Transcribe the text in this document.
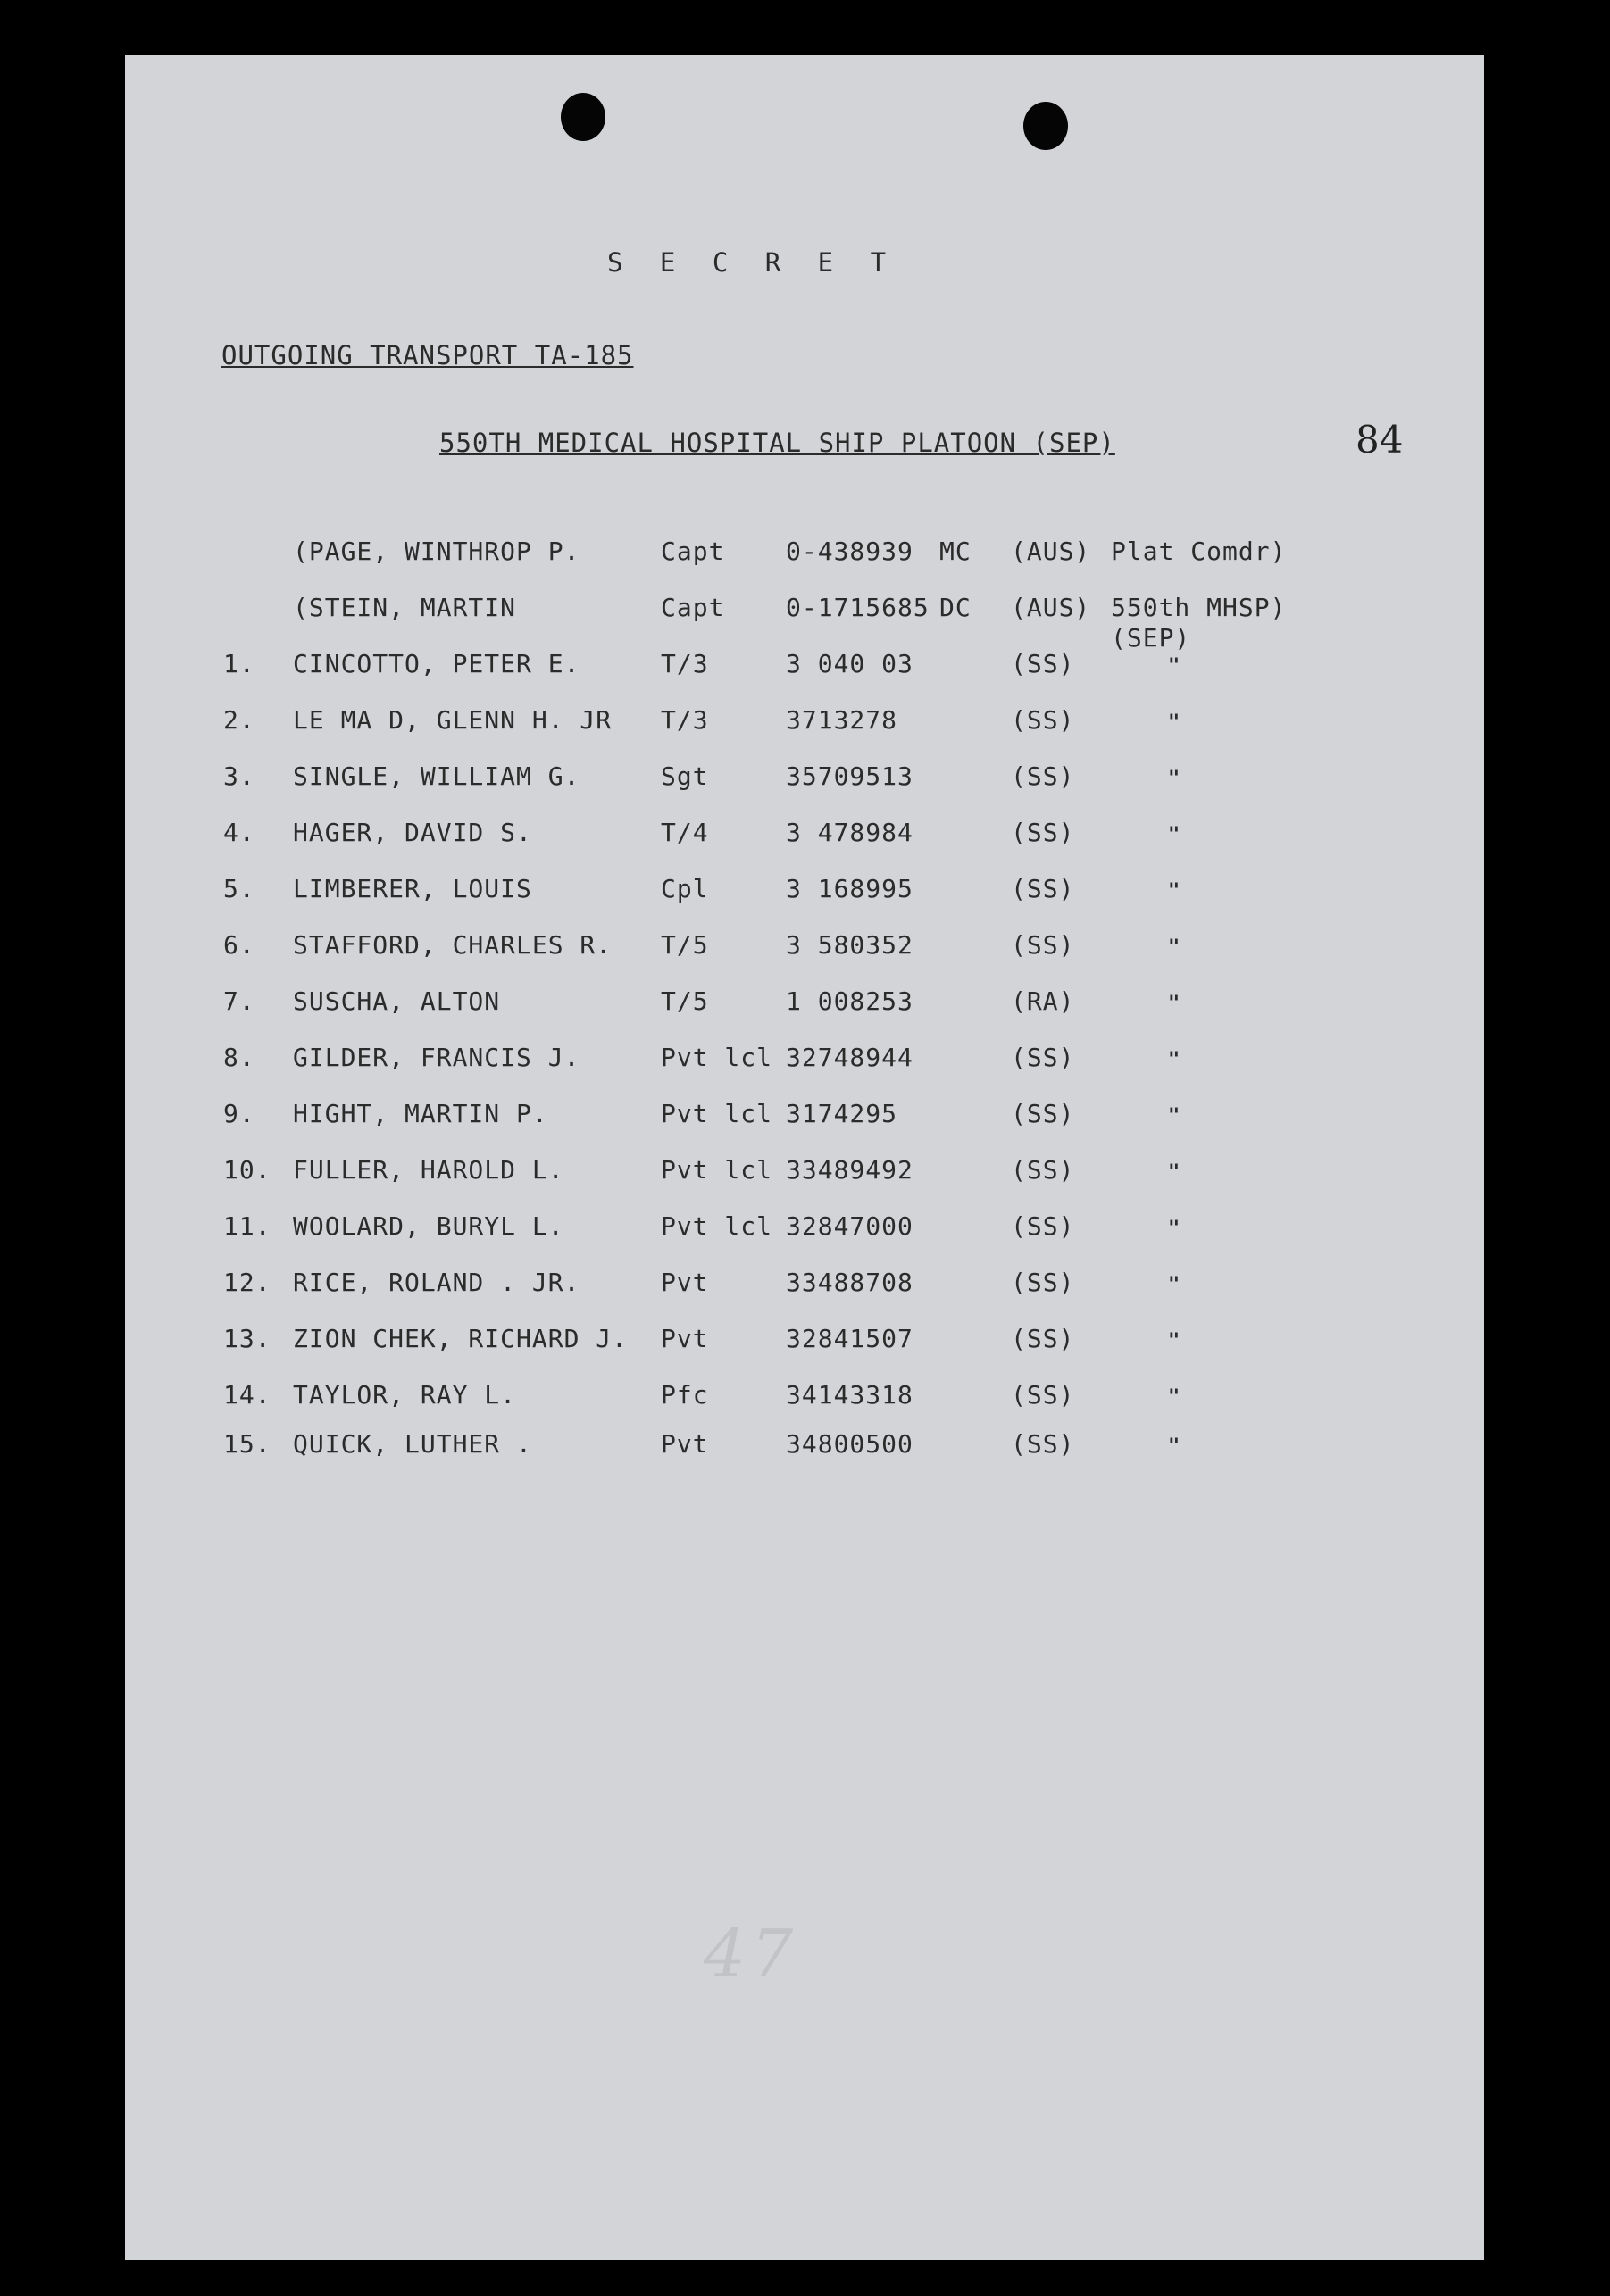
S E C R E T
OUTGOING TRANSPORT TA-185
550TH MEDICAL HOSPITAL SHIP PLATOON (SEP)	84
(PAGE, WINTHROP P.	Capt 0-438939 MC (AUS) Plat Comdr)
(STEIN, MARTIN	Capt 0-1715685 DC (AUS) 550th MHSP)
(SEP)
1. CINCOTTO, PETER E.	T/3	3 040 03	(SS)	"
2. LE MA D, GLENN H. JR T/3	3713278	(SS)	"
3. SINGLE, WILLIAM G.	Sgt	35709513	(SS)	"
4. HAGER, DAVID S.	T/4	3 478984	(SS)	"
5. LIMBERER, LOUIS	Cpl	3 168995	(SS)	"
6. STAFFORD, CHARLES R. T/5	3 580352	(SS)	"
7. SUSCHA, ALTON	T/5	1 008253	(RA)	"
8. GILDER, FRANCIS J.	Pvt lcl 32748944	(SS)	"
9. HIGHT, MARTIN P.	Pvt lcl 3174295	(SS)	"
10. FULLER, HAROLD L.	Pvt lcl 33489492	(SS)	"
11. WOOLARD, BURYL L.	Pvt lcl 32847000	(SS)	"
12. RICE, ROLAND . JR.	Pvt	33488708	(SS)	"
13. ZION CHEK, RICHARD J. Pvt	32841507	(SS)	"
14. TAYLOR, RAY L.	Pfc	34143318	(SS)	"
15. QUICK, LUTHER .	Pvt	34800500	(SS)	"
47
